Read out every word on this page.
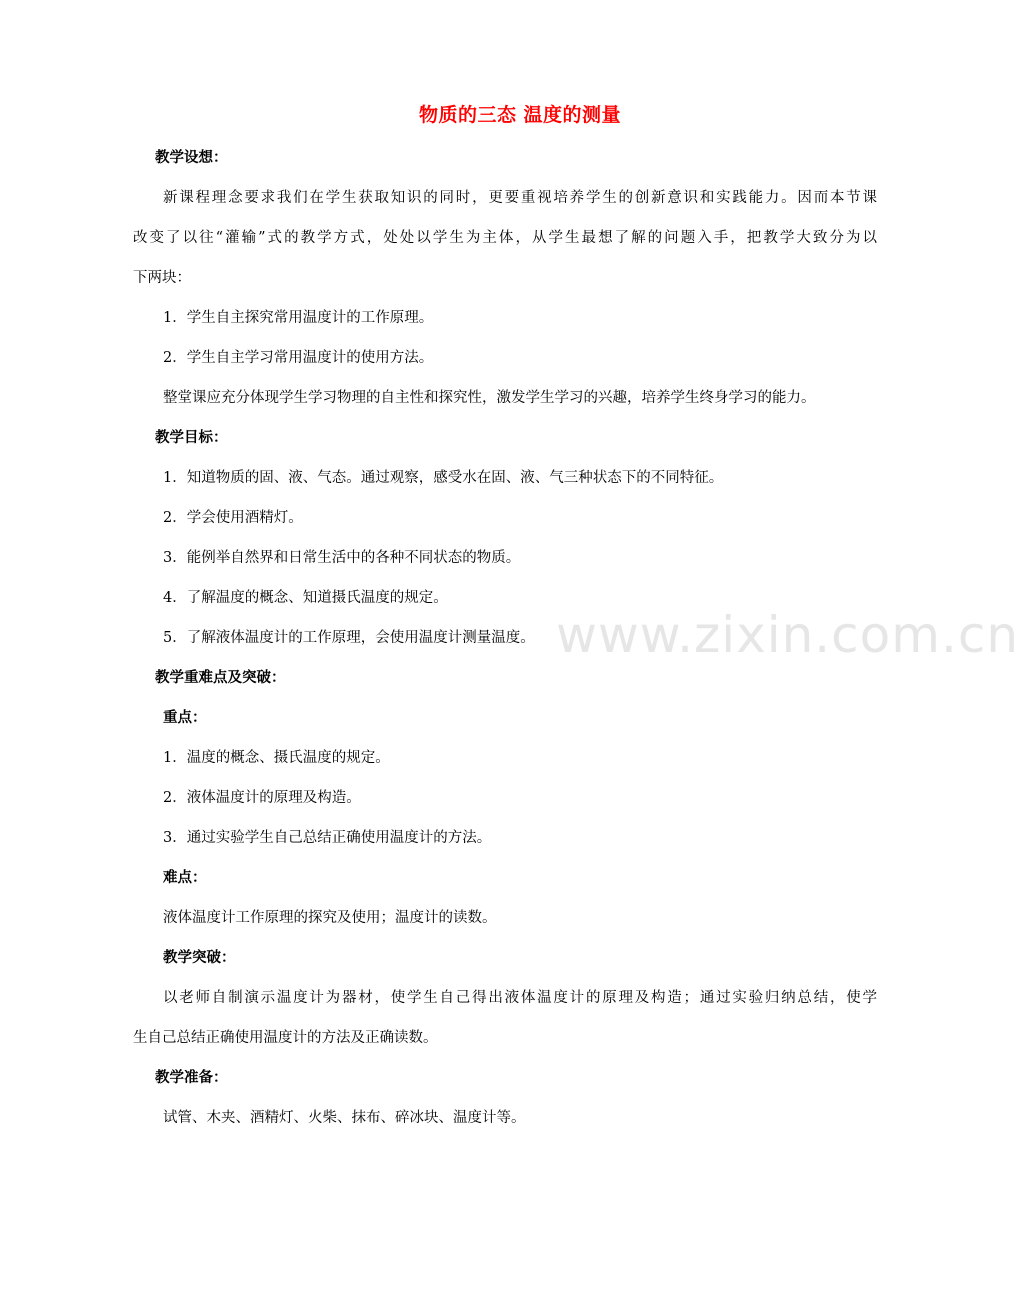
物质的三态 温度的测量
教学设想：
新课程理念要求我们在学生获取知识的同时，更要重视培养学生的创新意识和实践能力。因而本节课
改变了以往“灌输”式的教学方式，处处以学生为主体，从学生最想了解的问题入手，把教学大致分为以
下两块：
1．学生自主探究常用温度计的工作原理。
2．学生自主学习常用温度计的使用方法。
整堂课应充分体现学生学习物理的自主性和探究性，激发学生学习的兴趣，培养学生终身学习的能力。
教学目标：
1．知道物质的固、液、气态。通过观察，感受水在固、液、气三种状态下的不同特征。
2．学会使用酒精灯。
3．能例举自然界和日常生活中的各种不同状态的物质。
4．了解温度的概念、知道摄氏温度的规定。
5．了解液体温度计的工作原理，会使用温度计测量温度。
教学重难点及突破：
重点：
1．温度的概念、摄氏温度的规定。
2．液体温度计的原理及构造。
3．通过实验学生自己总结正确使用温度计的方法。
难点：
液体温度计工作原理的探究及使用；温度计的读数。
教学突破：
以老师自制演示温度计为器材，使学生自己得出液体温度计的原理及构造；通过实验归纳总结，使学
生自己总结正确使用温度计的方法及正确读数。
教学准备：
试管、木夹、酒精灯、火柴、抹布、碎冰块、温度计等。
www.zixin.com.cn
